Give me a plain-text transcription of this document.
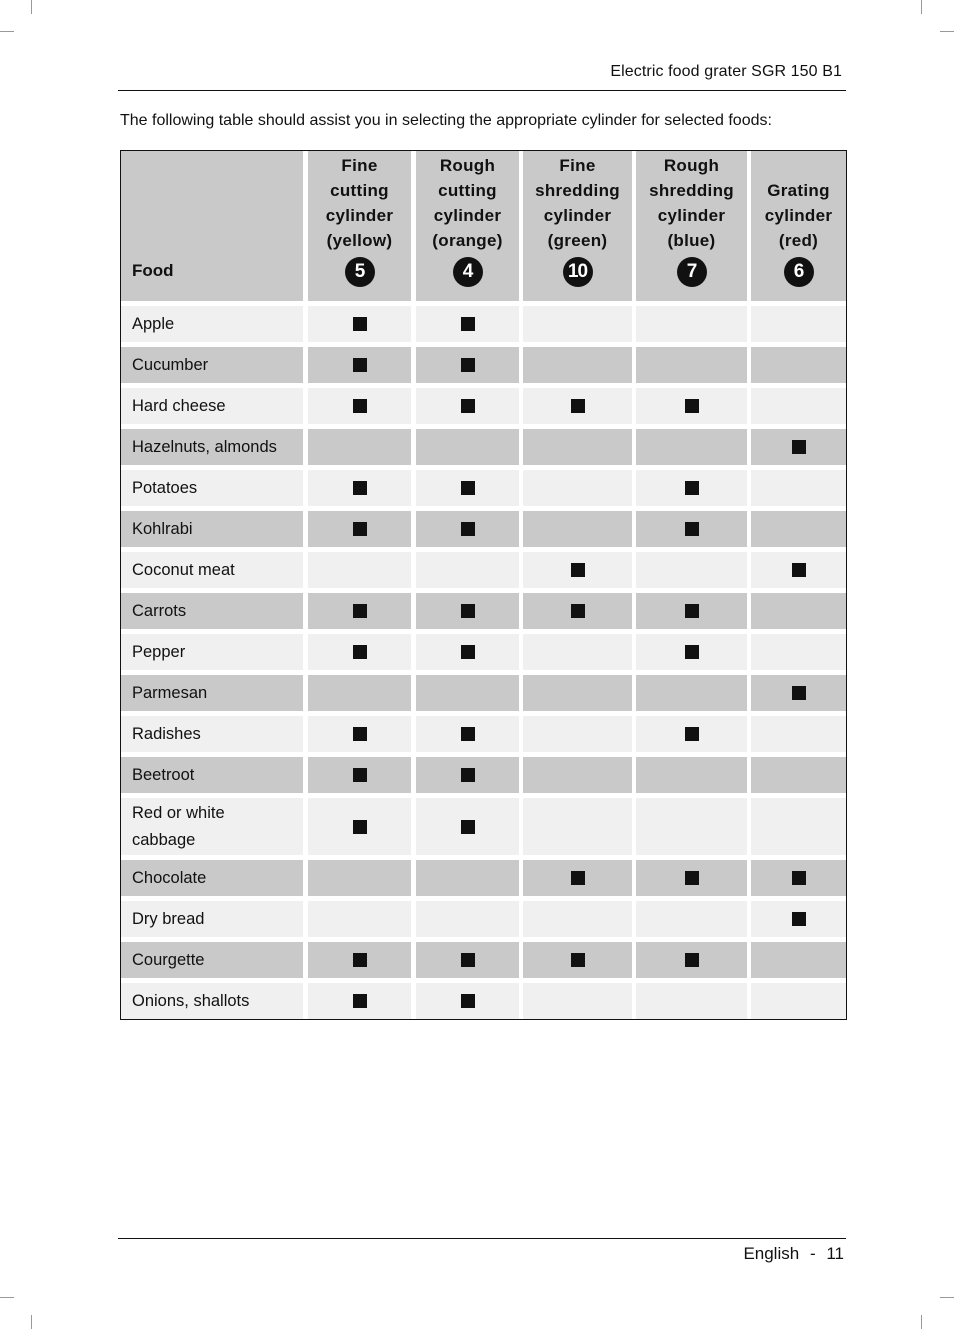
Electric food grater SGR 150 B1
The following table should assist you in selecting the appropriate cylinder for selected foods:
Food
Fine
cutting
cylinder
(yellow)
5
Rough
cutting
cylinder
(orange)
4
Fine
shredding
cylinder
(green)
10
Rough
shredding
cylinder
(blue)
7
Grating
cylinder
(red)
6
Apple
Cucumber
Hard cheese
Hazelnuts, almonds
Potatoes
Kohlrabi
Coconut meat
Carrots
Pepper
Parmesan
Radishes
Beetroot
Red or white
cabbage
Chocolate
Dry bread
Courgette
Onions, shallots
English - 11
